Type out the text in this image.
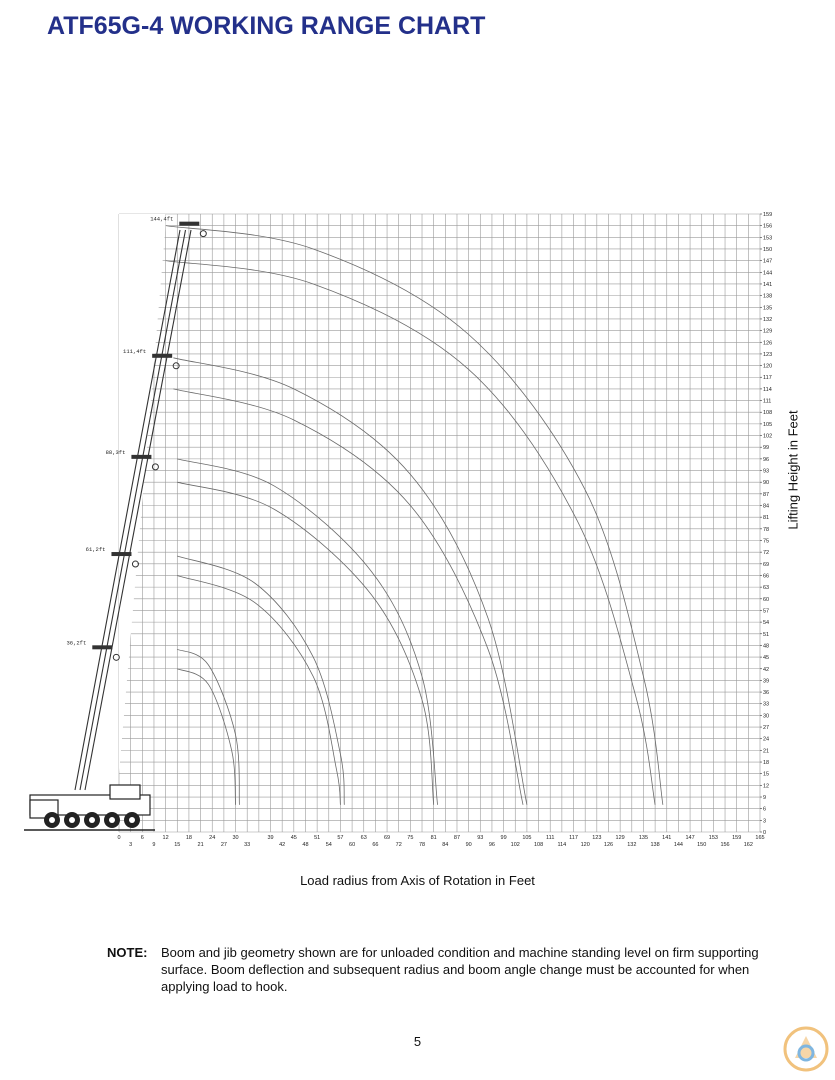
ATF65G-4 WORKING RANGE CHART
0
3
6
9
12
15
18
21
24
27
30
33
36
39
42
45
48
51
54
57
60
63
66
69
72
75
78
81
84
87
90
93
96
99
102
105
108
111
114
117
120
123
126
129
132
135
138
141
144
147
150
153
156
159
0	6	12	18	24	30	39	45	51	57	63	69	75	81	87	93	99	105	111	117	123	129	135	141	147	153	159	165
3	9	15	21	27	33	42	48	54	60	66	72	78	84	90	96	102	108	114	120	126	132	138	144	150	156	162
144,4ft
111,4ft
88,3ft
61,2ft
36,2ft
Load radius from Axis of Rotation in Feet
Lifting Height in Feet
NOTE:	Boom and jib geometry shown are for unloaded condition and machine standing level on firm supporting surface. Boom deflection and subsequent radius and boom angle change must be accounted for when applying load to hook.
5
